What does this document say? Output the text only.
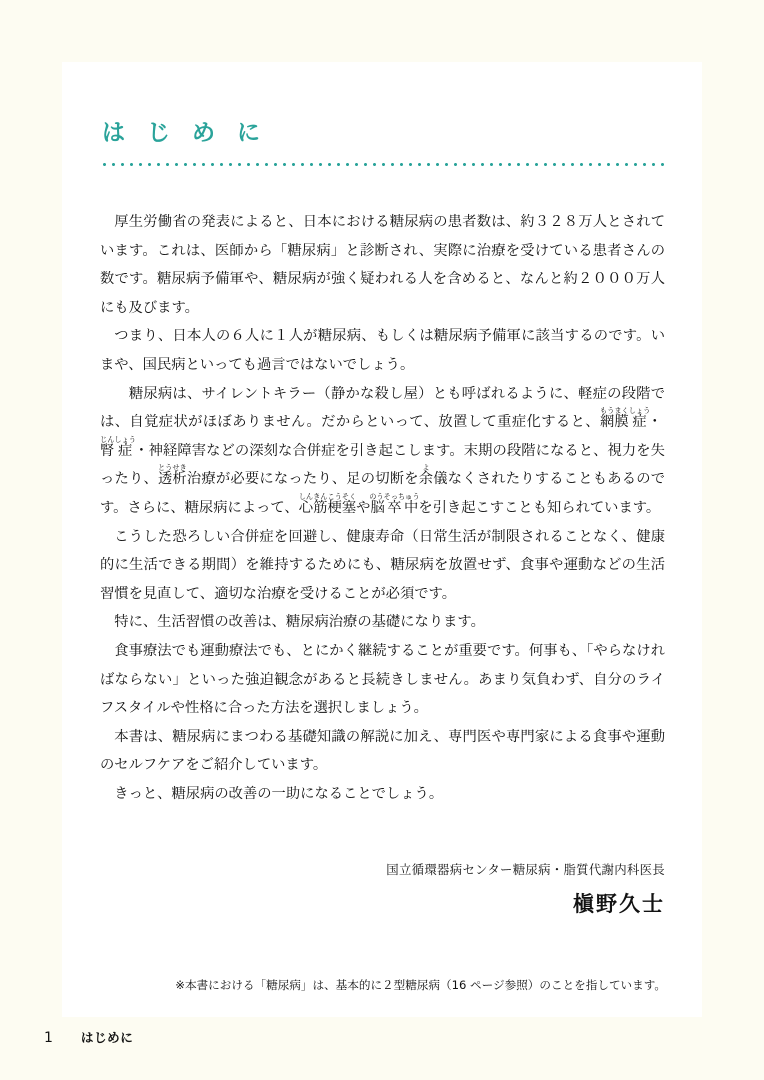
は じ め に

厚生労働省の発表によると、日本における糖尿病の患者数は、約３２８万人とされています。これは、医師から「糖尿病」と診断され、実際に治療を受けている患者さんの数です。糖尿病予備軍や、糖尿病が強く疑われる人を含めると、なんと約２０００万人にも及びます。

つまり、日本人の６人に１人が糖尿病、もしくは糖尿病予備軍に該当するのです。いまや、国民病といっても過言ではないでしょう。

　糖尿病は、サイレントキラー（静かな殺し屋）とも呼ばれるように、軽症の段階では、自覚症状がほぼありません。だからといって、放置して重症化すると、網膜もうまく症しょう・腎症じんしょう・神経障害などの深刻な合併症を引き起こします。末期の段階になると、視力を失ったり、透析とうせき治療が必要になったり、足の切断を余よ儀なくされたりすることもあるのです。さらに、糖尿病によって、心筋梗塞しんきんこうそくや脳卒中のうそっちゅうを引き起こすことも知られています。

こうした恐ろしい合併症を回避し、健康寿命（日常生活が制限されることなく、健康的に生活できる期間）を維持するためにも、糖尿病を放置せず、食事や運動などの生活習慣を見直して、適切な治療を受けることが必須です。

特に、生活習慣の改善は、糖尿病治療の基礎になります。

食事療法でも運動療法でも、とにかく継続することが重要です。何事も、「やらなければならない」といった強迫観念があると長続きしません。あまり気負わず、自分のライフスタイルや性格に合った方法を選択しましょう。

本書は、糖尿病にまつわる基礎知識の解説に加え、専門医や専門家による食事や運動のセルフケアをご紹介しています。

きっと、糖尿病の改善の一助になることでしょう。

国立循環器病センター糖尿病・脂質代謝内科医長
槇野久士
※本書における「糖尿病」は、基本的に２型糖尿病（16 ページ参照）のことを指しています。
1 はじめに
